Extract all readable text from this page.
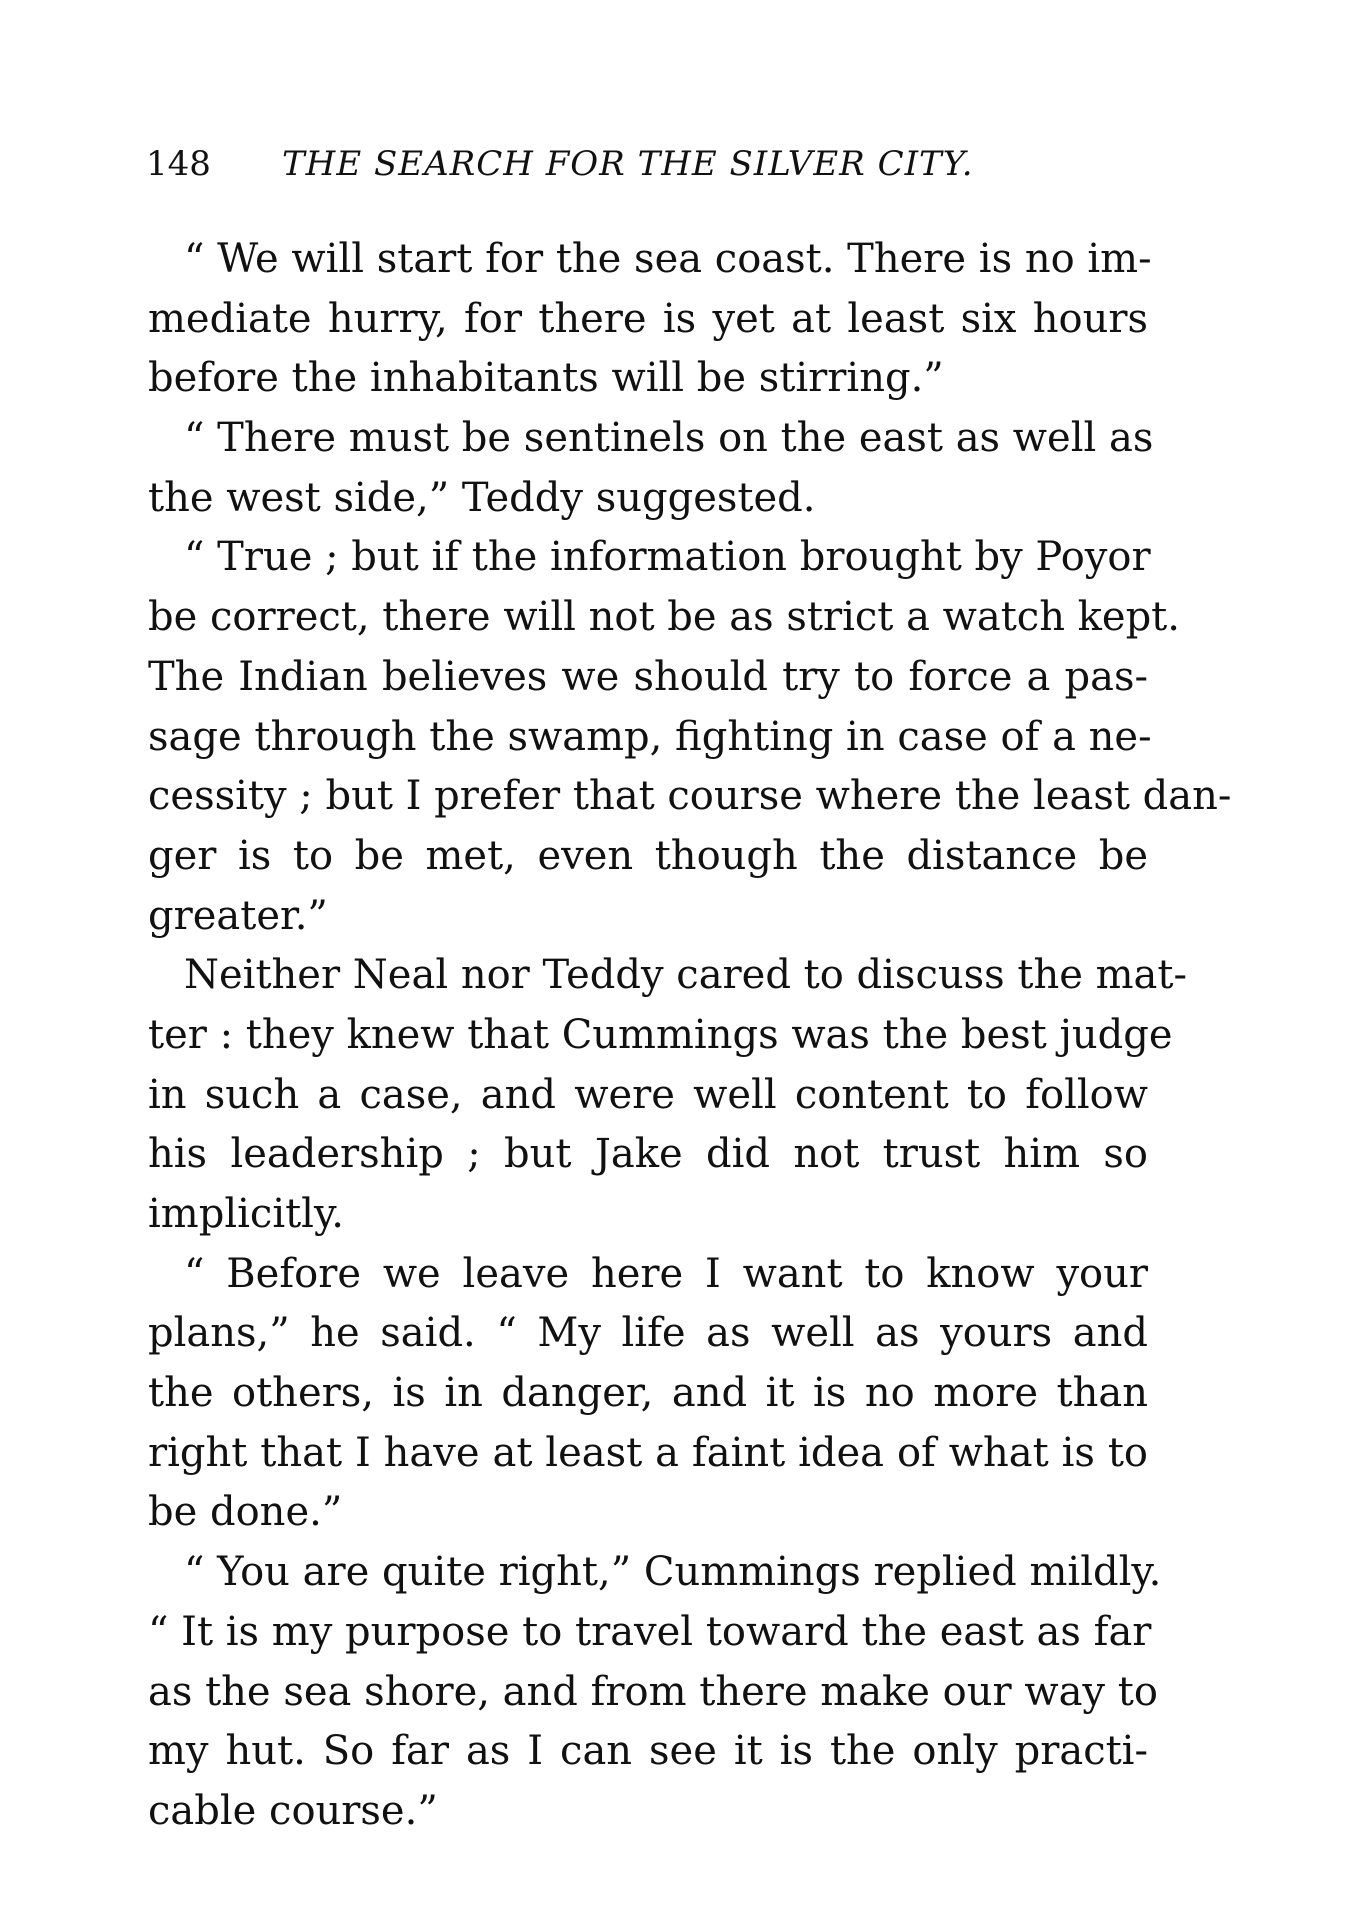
148 THE SEARCH FOR THE SILVER CITY.
“ We will start for the sea coast. There is no im-
mediate hurry, for there is yet at least six hours
before the inhabitants will be stirring.”
“ There must be sentinels on the east as well as
the west side,” Teddy suggested.
“ True ; but if the information brought by Poyor
be correct, there will not be as strict a watch kept.
The Indian believes we should try to force a pas-
sage through the swamp, fighting in case of a ne-
cessity ; but I prefer that course where the least dan-
ger is to be met, even though the distance be
greater.”
Neither Neal nor Teddy cared to discuss the mat-
ter : they knew that Cummings was the best judge
in such a case, and were well content to follow
his leadership ; but Jake did not trust him so
implicitly.
“ Before we leave here I want to know your
plans,” he said. “ My life as well as yours and
the others, is in danger, and it is no more than
right that I have at least a faint idea of what is to
be done.”
“ You are quite right,” Cummings replied mildly.
“ It is my purpose to travel toward the east as far
as the sea shore, and from there make our way to
my hut. So far as I can see it is the only practi-
cable course.”
